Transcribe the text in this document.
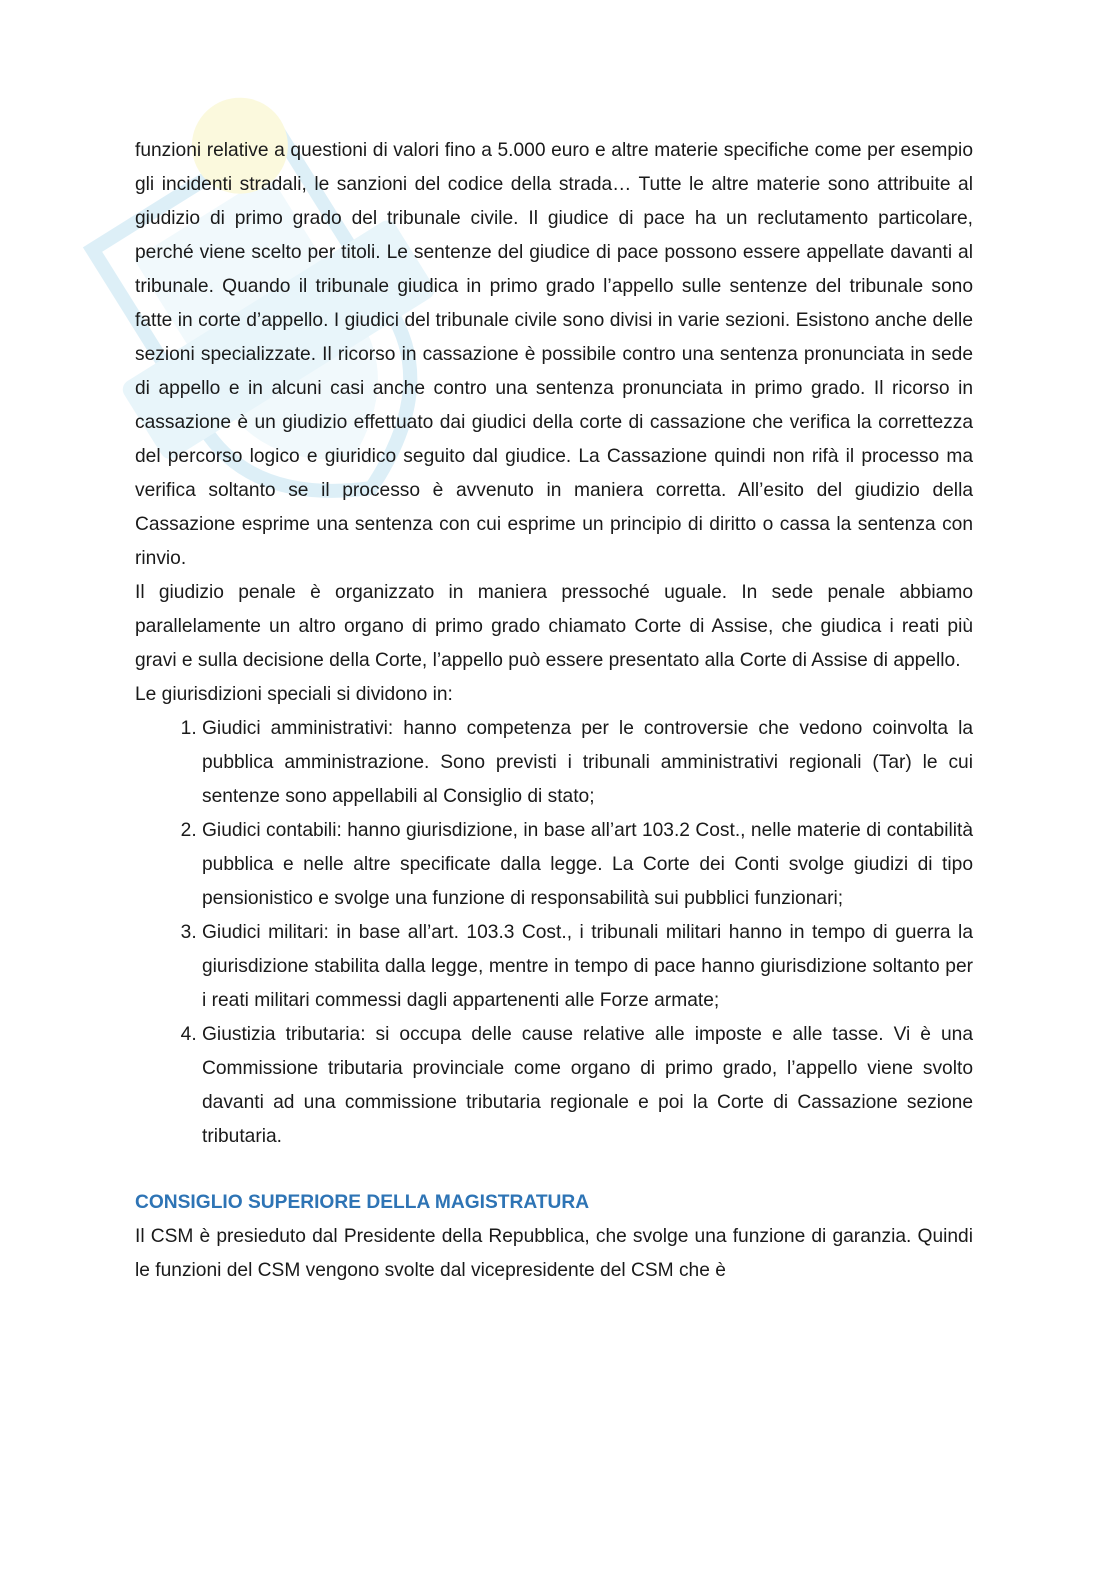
funzioni relative a questioni di valori fino a 5.000 euro e altre materie specifiche come per esempio gli incidenti stradali, le sanzioni del codice della strada… Tutte le altre materie sono attribuite al giudizio di primo grado del tribunale civile. Il giudice di pace ha un reclutamento particolare, perché viene scelto per titoli. Le sentenze del giudice di pace possono essere appellate davanti al tribunale. Quando il tribunale giudica in primo grado l’appello sulle sentenze del tribunale sono fatte in corte d’appello. I giudici del tribunale civile sono divisi in varie sezioni. Esistono anche delle sezioni specializzate. Il ricorso in cassazione è possibile contro una sentenza pronunciata in sede di appello e in alcuni casi anche contro una sentenza pronunciata in primo grado. Il ricorso in cassazione è un giudizio effettuato dai giudici della corte di cassazione che verifica la correttezza del percorso logico e giuridico seguito dal giudice. La Cassazione quindi non rifà il processo ma verifica soltanto se il processo è avvenuto in maniera corretta. All’esito del giudizio della Cassazione esprime una sentenza con cui esprime un principio di diritto o cassa la sentenza con rinvio.

Il giudizio penale è organizzato in maniera pressoché uguale. In sede penale abbiamo parallelamente un altro organo di primo grado chiamato Corte di Assise, che giudica i reati più gravi e sulla decisione della Corte, l’appello può essere presentato alla Corte di Assise di appello.

Le giurisdizioni speciali si dividono in:

1. Giudici amministrativi: hanno competenza per le controversie che vedono coinvolta la pubblica amministrazione. Sono previsti i tribunali amministrativi regionali (Tar) le cui sentenze sono appellabili al Consiglio di stato;
2. Giudici contabili: hanno giurisdizione, in base all’art 103.2 Cost., nelle materie di contabilità pubblica e nelle altre specificate dalla legge. La Corte dei Conti svolge giudizi di tipo pensionistico e svolge una funzione di responsabilità sui pubblici funzionari;
3. Giudici militari: in base all’art. 103.3 Cost., i tribunali militari hanno in tempo di guerra la giurisdizione stabilita dalla legge, mentre in tempo di pace hanno giurisdizione soltanto per i reati militari commessi dagli appartenenti alle Forze armate;
4. Giustizia tributaria: si occupa delle cause relative alle imposte e alle tasse. Vi è una Commissione tributaria provinciale come organo di primo grado, l’appello viene svolto davanti ad una commissione tributaria regionale e poi la Corte di Cassazione sezione tributaria.
CONSIGLIO SUPERIORE DELLA MAGISTRATURA

Il CSM è presieduto dal Presidente della Repubblica, che svolge una funzione di garanzia. Quindi le funzioni del CSM vengono svolte dal vicepresidente del CSM che è
